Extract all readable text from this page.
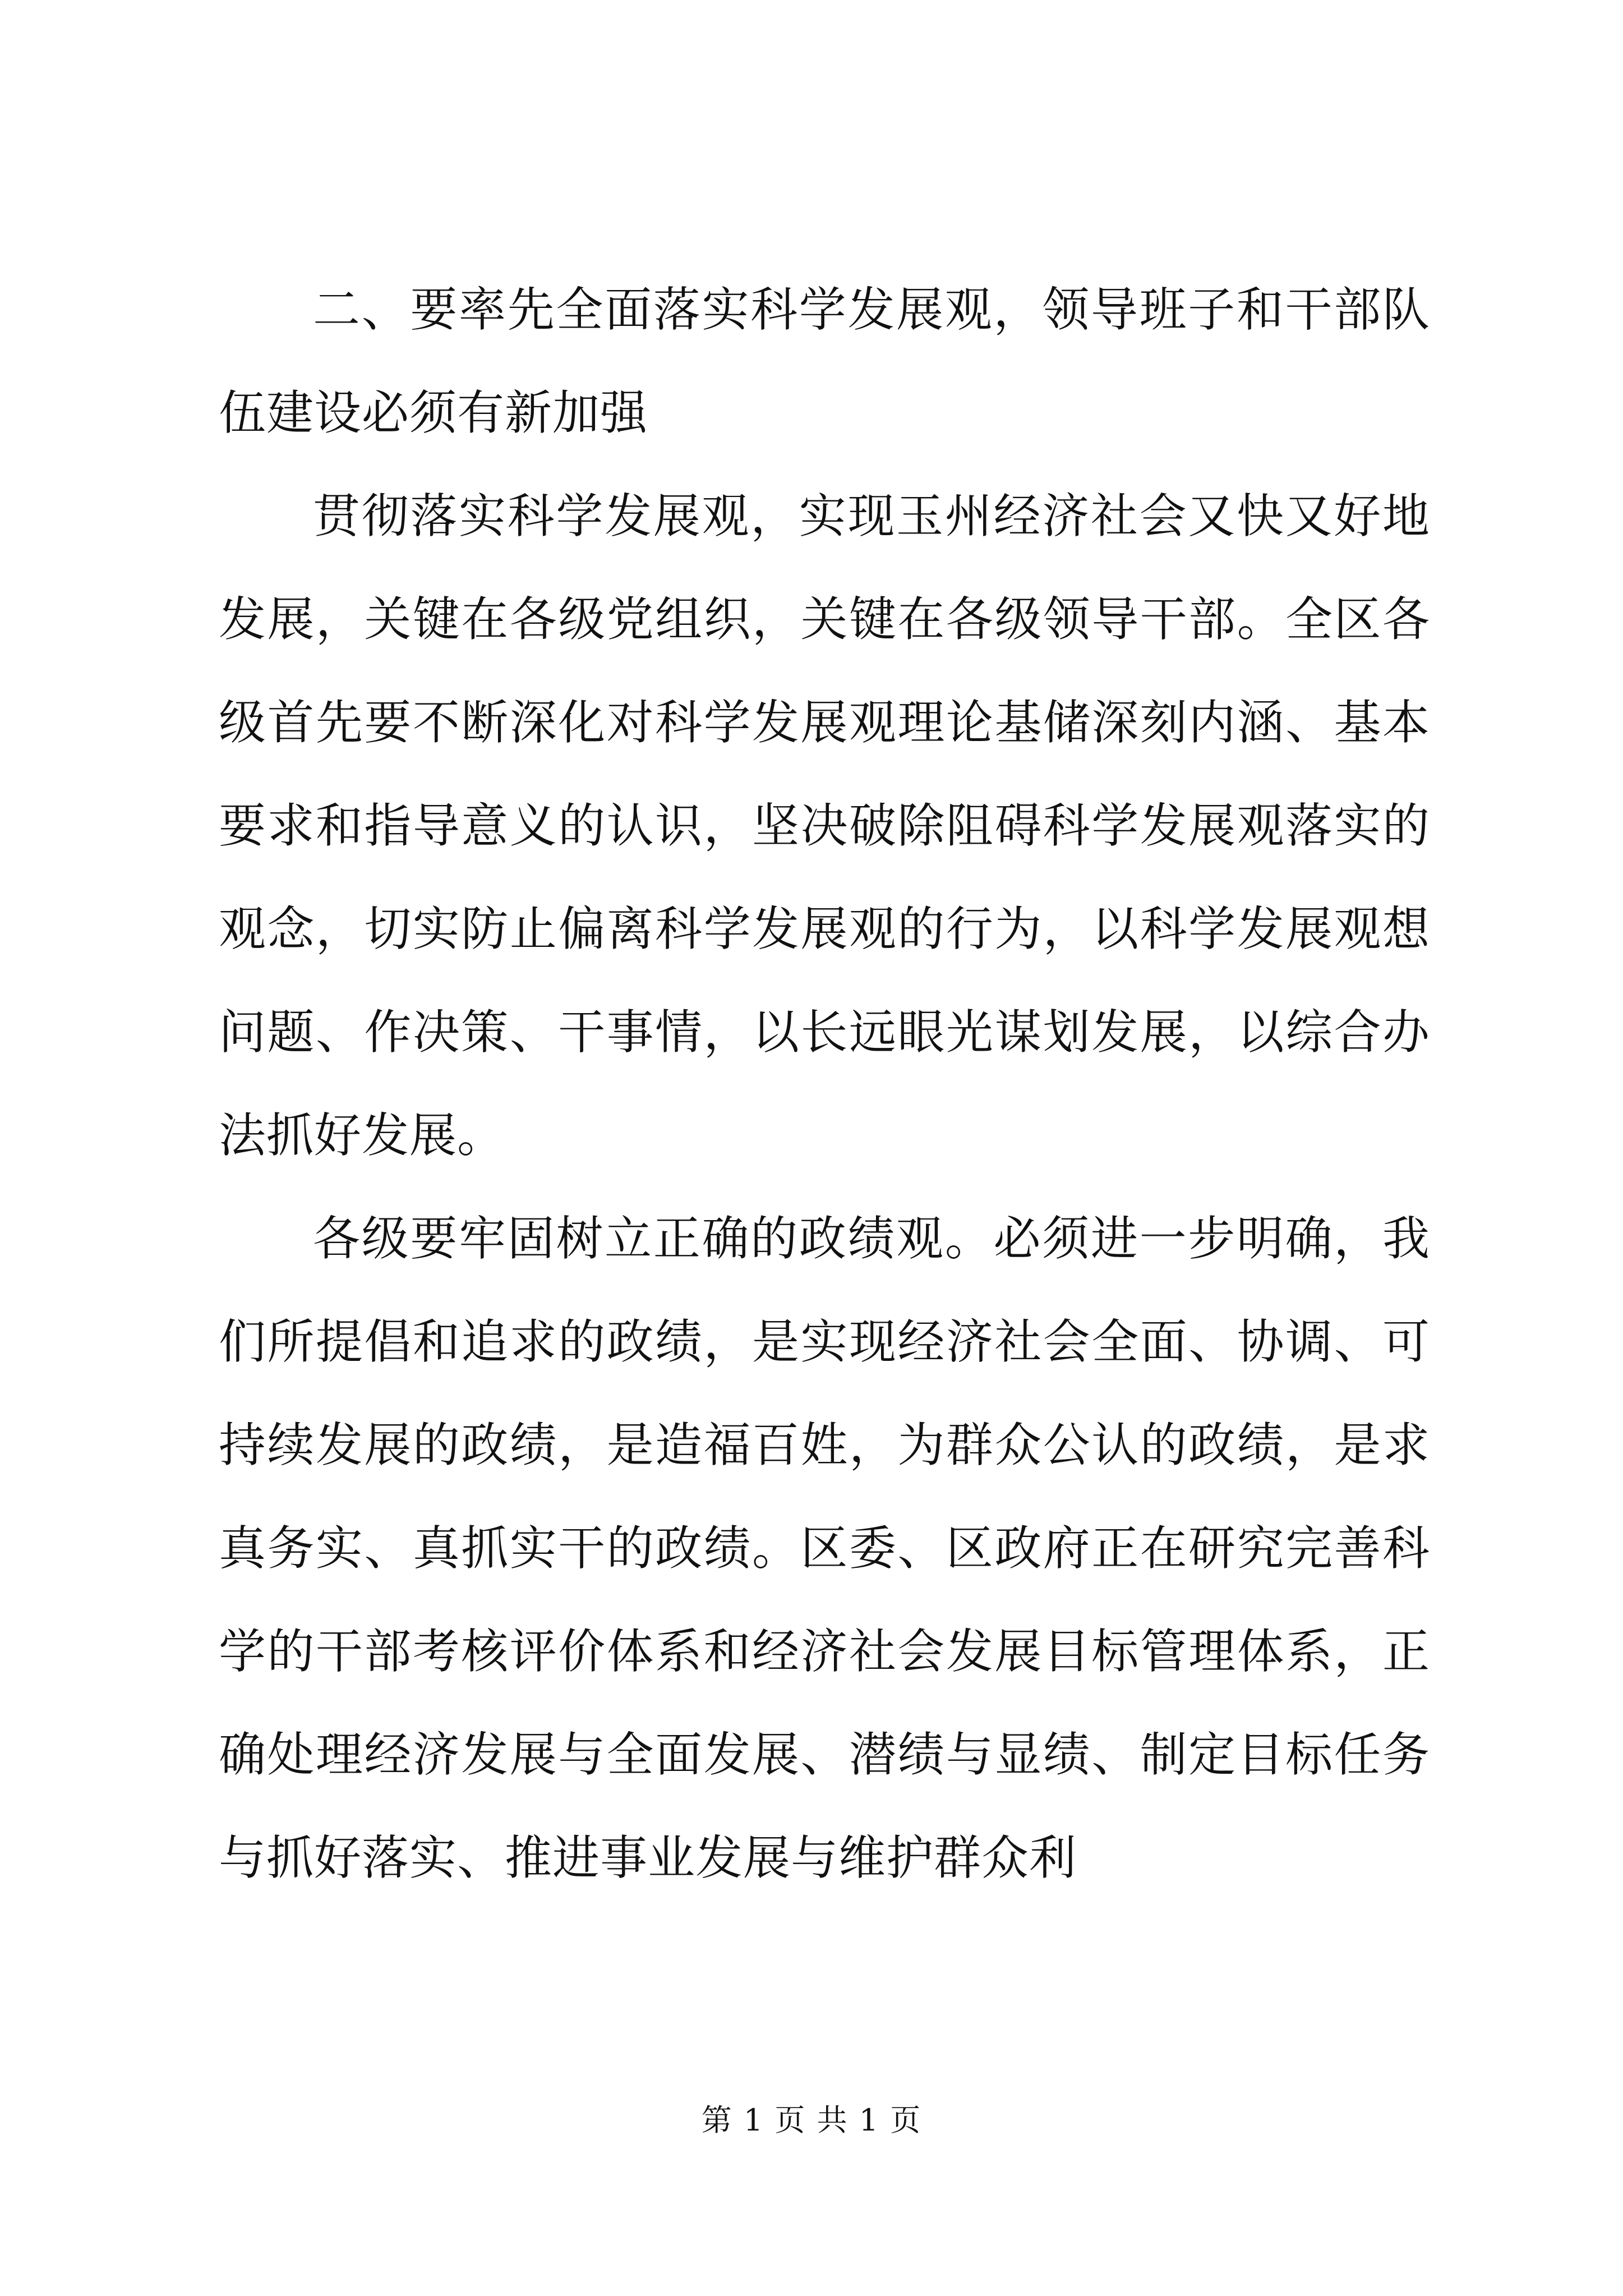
二、要率先全面落实科学发展观，领导班子和干部队伍建设必须有新加强

贯彻落实科学发展观，实现玉州经济社会又快又好地发展，关键在各级党组织，关键在各级领导干部。全区各级首先要不断深化对科学发展观理论基储深刻内涵、基本要求和指导意义的认识，坚决破除阻碍科学发展观落实的观念，切实防止偏离科学发展观的行为，以科学发展观想问题、作决策、干事情，以长远眼光谋划发展，以综合办法抓好发展。

各级要牢固树立正确的政绩观。必须进一步明确，我们所提倡和追求的政绩，是实现经济社会全面、协调、可持续发展的政绩，是造福百姓，为群众公认的政绩，是求真务实、真抓实干的政绩。区委、区政府正在研究完善科学的干部考核评价体系和经济社会发展目标管理体系，正确处理经济发展与全面发展、潜绩与显绩、制定目标任务与抓好落实、推进事业发展与维护群众利

第 1 页 共 1 页
